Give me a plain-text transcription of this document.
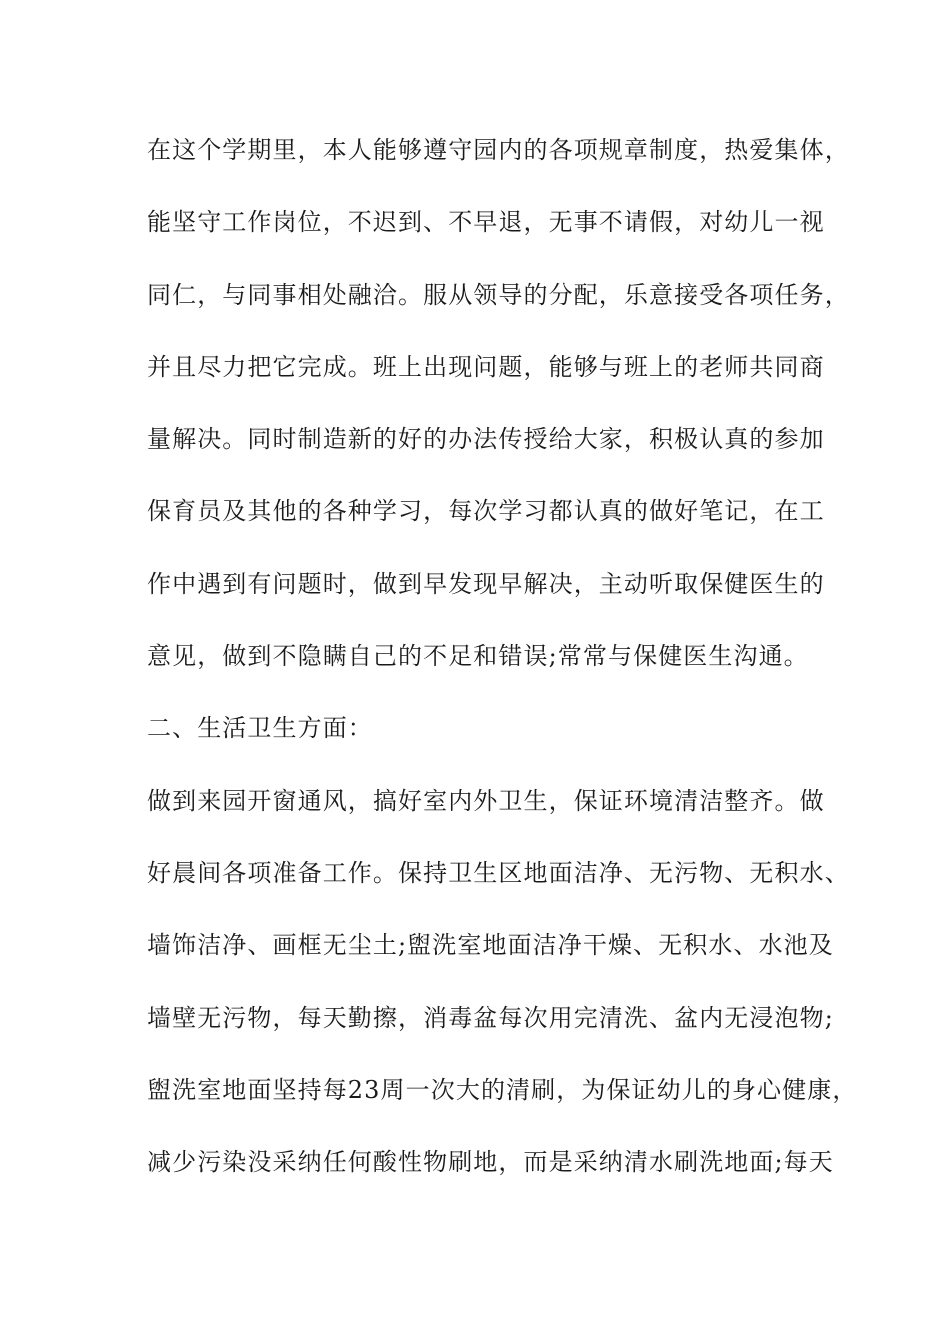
在这个学期里，本人能够遵守园内的各项规章制度，热爱集体，
能坚守工作岗位，不迟到、不早退，无事不请假，对幼儿一视
同仁，与同事相处融洽。服从领导的分配，乐意接受各项任务，
并且尽力把它完成。班上出现问题，能够与班上的老师共同商
量解决。同时制造新的好的办法传授给大家，积极认真的参加
保育员及其他的各种学习，每次学习都认真的做好笔记，在工
作中遇到有问题时，做到早发现早解决，主动听取保健医生的
意见，做到不隐瞒自己的不足和错误;常常与保健医生沟通。
二、生活卫生方面：
做到来园开窗通风，搞好室内外卫生，保证环境清洁整齐。做
好晨间各项准备工作。保持卫生区地面洁净、无污物、无积水、
墙饰洁净、画框无尘土;盥洗室地面洁净干燥、无积水、水池及
墙壁无污物，每天勤擦，消毒盆每次用完清洗、盆内无浸泡物;
盥洗室地面坚持每23周一次大的清刷，为保证幼儿的身心健康，
减少污染没采纳任何酸性物刷地，而是采纳清水刷洗地面;每天
